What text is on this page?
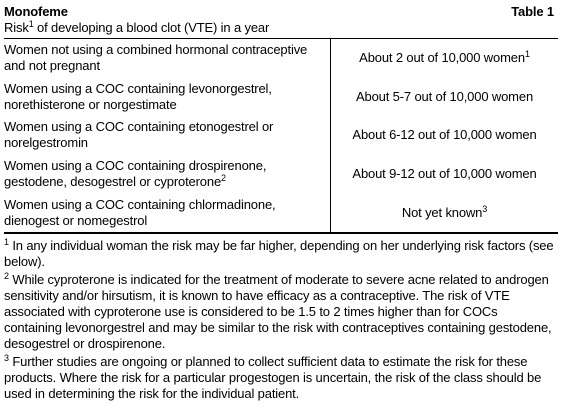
Monofeme	Table 1
Risk$^1$ of developing a blood clot (VTE) in a year
Women not using a combined hormonal contraceptive and not pregnant	About 2 out of 10,000 women$^1$

Women using a COC containing levonorgestrel, norethisterone or norgestimate	About 5-7 out of 10,000 women

Women using a COC containing etonogestrel or norelgestromin	About 6-12 out of 10,000 women

Women using a COC containing drospirenone, gestodene, desogestrel or cyproterone$^2$	About 9-12 out of 10,000 women

Women using a COC containing chlormadinone, dienogest or nomegestrol	Not yet known$^3$

$^1$ In any individual woman the risk may be far higher, depending on her underlying risk factors (see below).

$^2$ While cyproterone is indicated for the treatment of moderate to severe acne related to androgen sensitivity and/or hirsutism, it is known to have efficacy as a contraceptive. The risk of VTE associated with cyproterone use is considered to be 1.5 to 2 times higher than for COCs containing levonorgestrel and may be similar to the risk with contraceptives containing gestodene, desogestrel or drospirenone.

$^3$ Further studies are ongoing or planned to collect sufficient data to estimate the risk for these products. Where the risk for a particular progestogen is uncertain, the risk of the class should be used in determining the risk for the individual patient.
